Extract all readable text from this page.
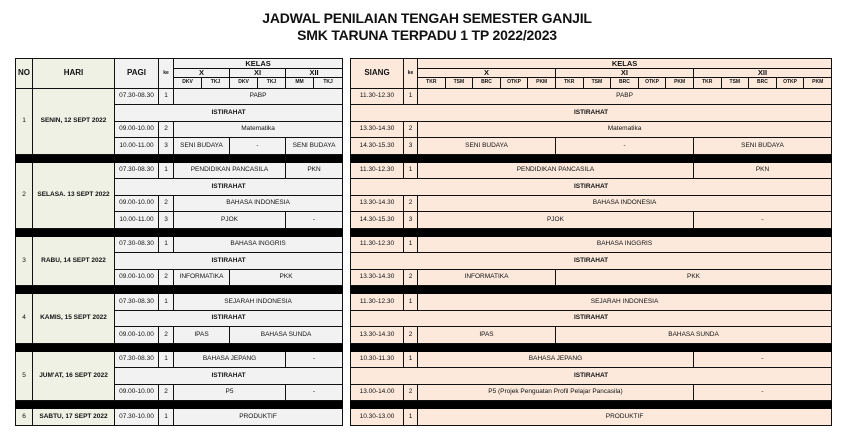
JADWAL PENILAIAN TENGAH SEMESTER GANJIL
SMK TARUNA TERPADU 1 TP 2022/2023
NO	HARI	PAGI	ke	KELAS					
				X		XI		XII	
				DKV	TKJ	DKV	TKJ	MM	TKJ
1	SENIN, 12 SEPT 2022	07.30-08.30	1	PABP					
		ISTIRAHAT							
		09.00-10.00	2	Matematika					
		10.00-11.00	3	SENI BUDAYA		-		SENI BUDAYA	

2	SELASA. 13 SEPT 2022	07.30-08.30	1	PENDIDIKAN PANCASILA				PKN	
		ISTIRAHAT							
		09.00-10.00	2	BAHASA INDONESIA					
		10.00-11.00	3	PJOK				-	

3	RABU, 14 SEPT 2022	07.30-08.30	1	BAHASA INGGRIS					
		ISTIRAHAT							
		09.00-10.00	2	INFORMATIKA		PKK			

4	KAMIS, 15 SEPT 2022	07.30-08.30	1	SEJARAH INDONESIA					
		ISTIRAHAT							
		09.00-10.00	2	IPAS		BAHASA SUNDA			

5	JUM'AT, 16 SEPT 2022	07.30-08.30	1	BAHASA JEPANG				-	
		ISTIRAHAT							
		09.00-10.00	2	P5				-	

6	SABTU, 17 SEPT 2022	07.30-10.00	1	PRODUKTIF					
SIANG	ke	KELAS														
		X					XI					XII				
		TKR	TSM	BRC	OTKP	PKM	TKR	TSM	BRC	OTKP	PKM	TKR	TSM	BRC	OTKP	PKM
11.30-12.30	1	PABP														
ISTIRAHAT																
13.30-14.30	2	Matematika														
14.30-15.30	3	SENI BUDAYA					-					SENI BUDAYA				

11.30-12.30	1	PENDIDIKAN PANCASILA										PKN				
ISTIRAHAT																
13.30-14.30	2	BAHASA INDONESIA														
14.30-15.30	3	PJOK										-				

11.30-12.30	1	BAHASA INGGRIS														
ISTIRAHAT																
13.30-14.30	2	INFORMATIKA					PKK									

11.30-12.30	1	SEJARAH INDONESIA														
ISTIRAHAT																
13.30-14.30	2	IPAS					BAHASA SUNDA									

10.30-11.30	1	BAHASA JEPANG										-				
ISTIRAHAT																
13.00-14.00	2	P5 (Projek Penguatan Profil Pelajar Pancasila)										-				

10.30-13.00	1	PRODUKTIF														
